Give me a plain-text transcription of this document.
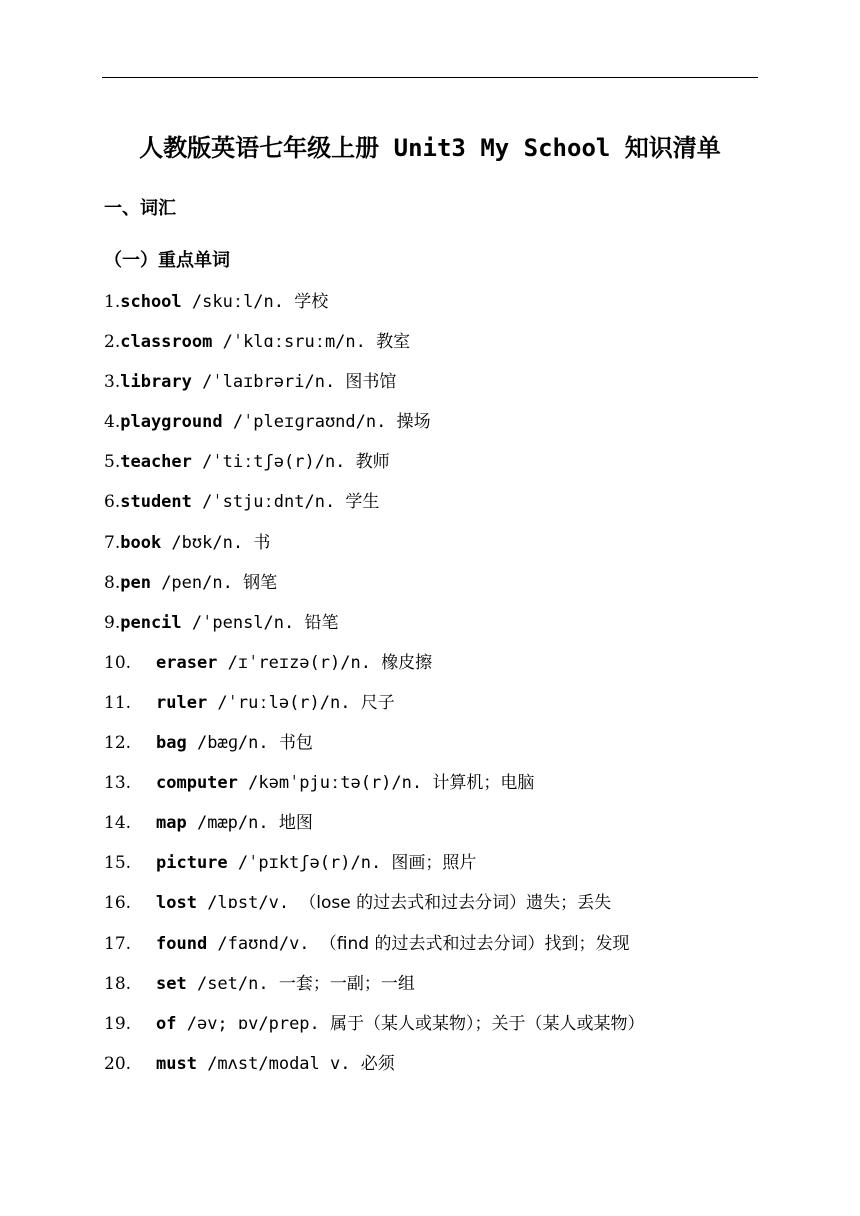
人教版英语七年级上册 Unit3 My School 知识清单
一、词汇
（一）重点单词
1.school /skuːl/n. 学校
2.classroom /ˈklɑːsruːm/n. 教室
3.library /ˈlaɪbrəri/n. 图书馆
4.playground /ˈpleɪɡraʊnd/n. 操场
5.teacher /ˈtiːtʃə(r)/n. 教师
6.student /ˈstjuːdnt/n. 学生
7.book /bʊk/n. 书
8.pen /pen/n. 钢笔
9.pencil /ˈpensl/n. 铅笔
10. eraser /ɪˈreɪzə(r)/n. 橡皮擦
11. ruler /ˈruːlə(r)/n. 尺子
12. bag /bæɡ/n. 书包
13. computer /kəmˈpjuːtə(r)/n. 计算机；电脑
14. map /mæp/n. 地图
15. picture /ˈpɪktʃə(r)/n. 图画；照片
16. lost /lɒst/v. （lose 的过去式和过去分词）遗失；丢失
17. found /faʊnd/v. （find 的过去式和过去分词）找到；发现
18. set /set/n. 一套；一副；一组
19. of /əv; ɒv/prep. 属于（某人或某物）；关于（某人或某物）
20. must /mʌst/modal v. 必须
